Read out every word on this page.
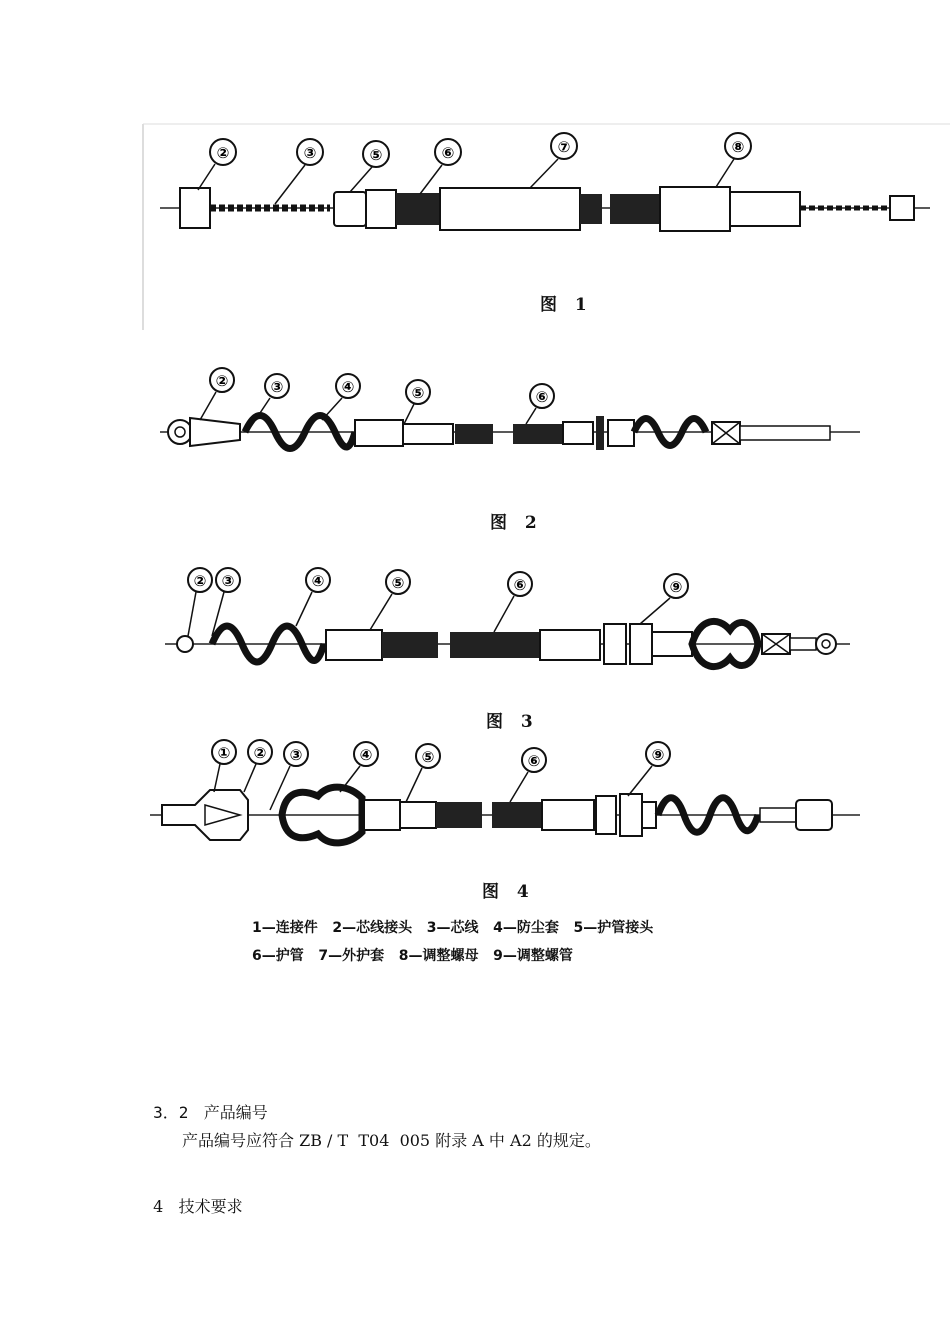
②	③	⑤	⑥	⑦	⑧
图  1
②	③	④	⑤	⑥
图  2
② ③	④	⑤	⑥	⑨
图  3
① ② ③	④	⑤	⑥	⑨
图  4
1—连接件   2—芯线接头   3—芯线   4—防尘套   5—护管接头
6—护管   7—外护套   8—调整螺母   9—调整螺管

3．2 产品编号

产品编号应符合 ZB / T  T04  005 附录 A 中 A2 的规定。

4 技术要求
